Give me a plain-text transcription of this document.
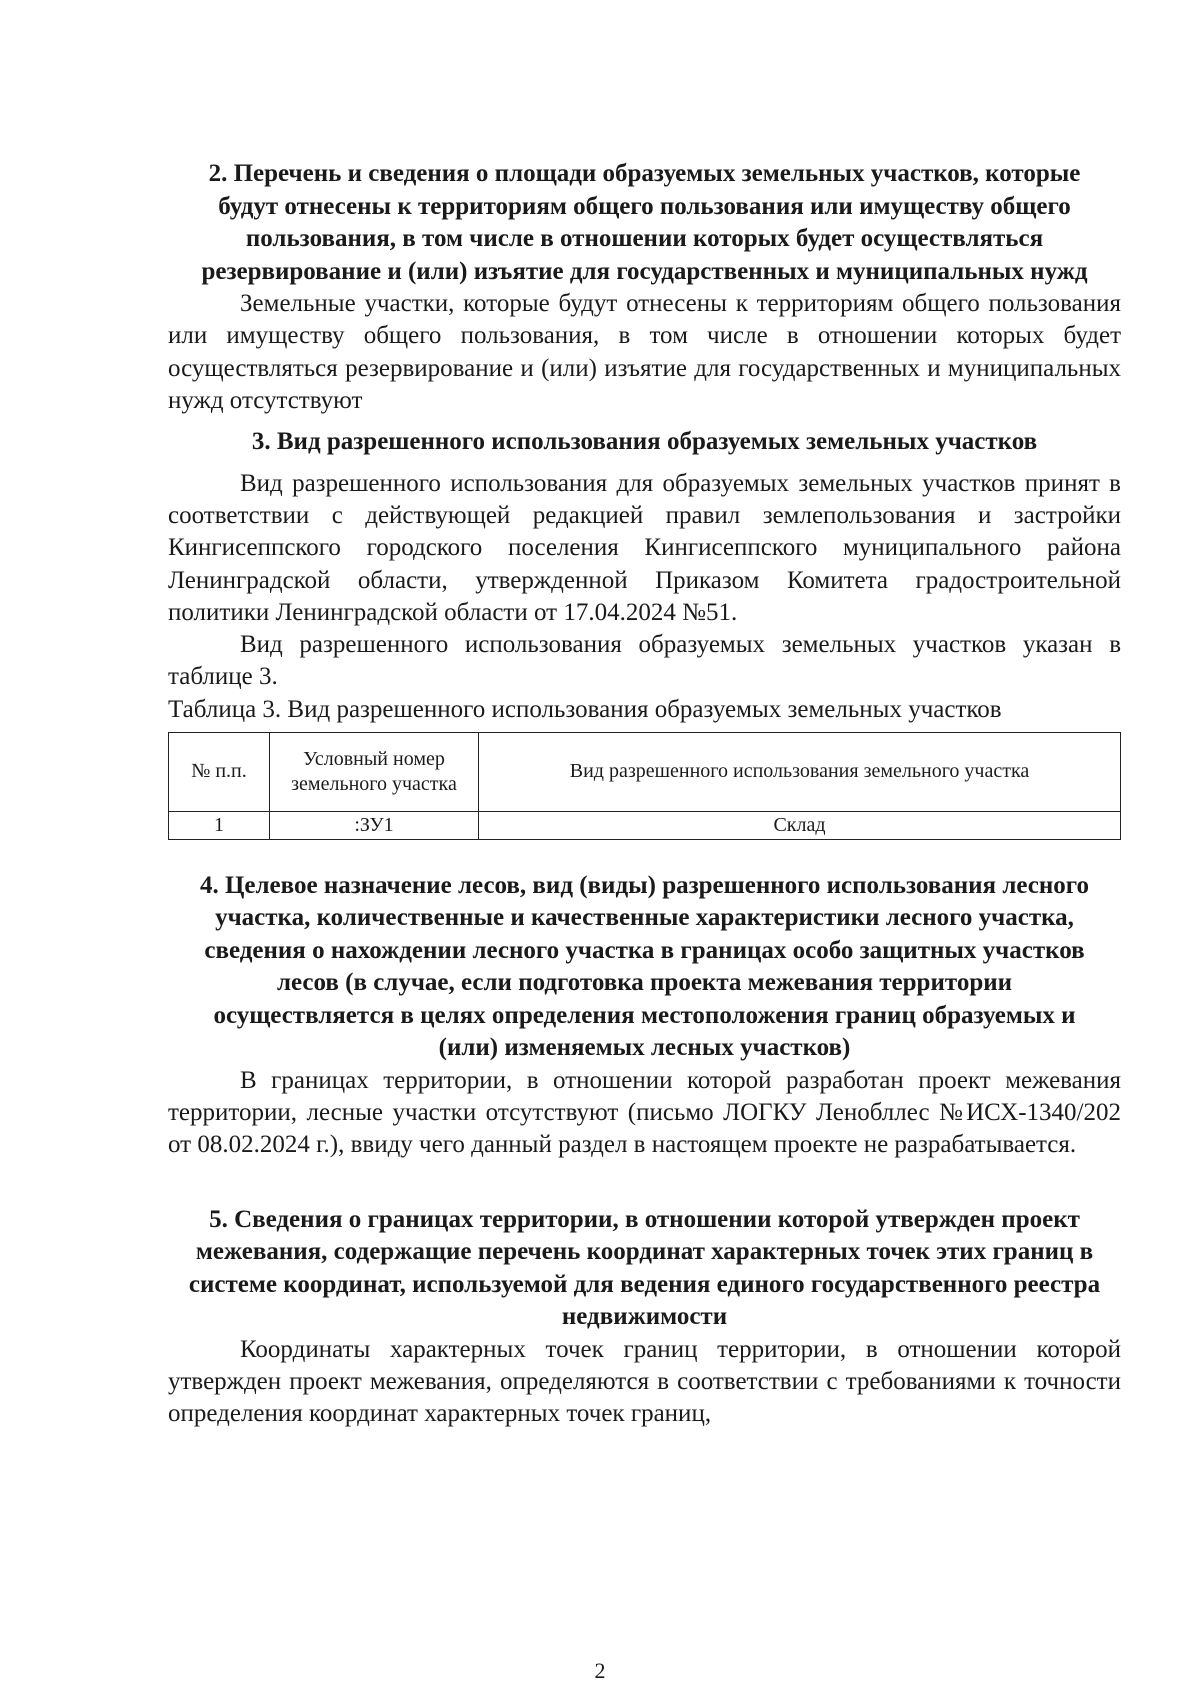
2. Перечень и сведения о площади образуемых земельных участков, которые будут отнесены к территориям общего пользования или имуществу общего пользования, в том числе в отношении которых будет осуществляться резервирование и (или) изъятие для государственных и муниципальных нужд

Земельные участки, которые будут отнесены к территориям общего пользования или имуществу общего пользования, в том числе в отношении которых будет осуществляться резервирование и (или) изъятие для государственных и муниципальных нужд отсутствуют

3. Вид разрешенного использования образуемых земельных участков

Вид разрешенного использования для образуемых земельных участков принят в соответствии с действующей редакцией правил землепользования и застройки Кингисеппского городского поселения Кингисеппского муниципального района Ленинградской области, утвержденной Приказом Комитета градостроительной политики Ленинградской области от 17.04.2024 №51.

Вид разрешенного использования образуемых земельных участков указан в таблице 3.

Таблица 3. Вид разрешенного использования образуемых земельных участков

№ п.п.	Условный номер земельного участка	Вид разрешенного использования земельного участка
1	:ЗУ1	Склад

4. Целевое назначение лесов, вид (виды) разрешенного использования лесного участка, количественные и качественные характеристики лесного участка, сведения о нахождении лесного участка в границах особо защитных участков лесов (в случае, если подготовка проекта межевания территории осуществляется в целях определения местоположения границ образуемых и (или) изменяемых лесных участков)

В границах территории, в отношении которой разработан проект межевания территории, лесные участки отсутствуют (письмо ЛОГКУ Ленобллес №ИСХ-1340/202 от 08.02.2024 г.), ввиду чего данный раздел в настоящем проекте не разрабатывается.

5. Сведения о границах территории, в отношении которой утвержден проект межевания, содержащие перечень координат характерных точек этих границ в системе координат, используемой для ведения единого государственного реестра недвижимости

Координаты характерных точек границ территории, в отношении которой утвержден проект межевания, определяются в соответствии с требованиями к точности определения координат характерных точек границ,

2
